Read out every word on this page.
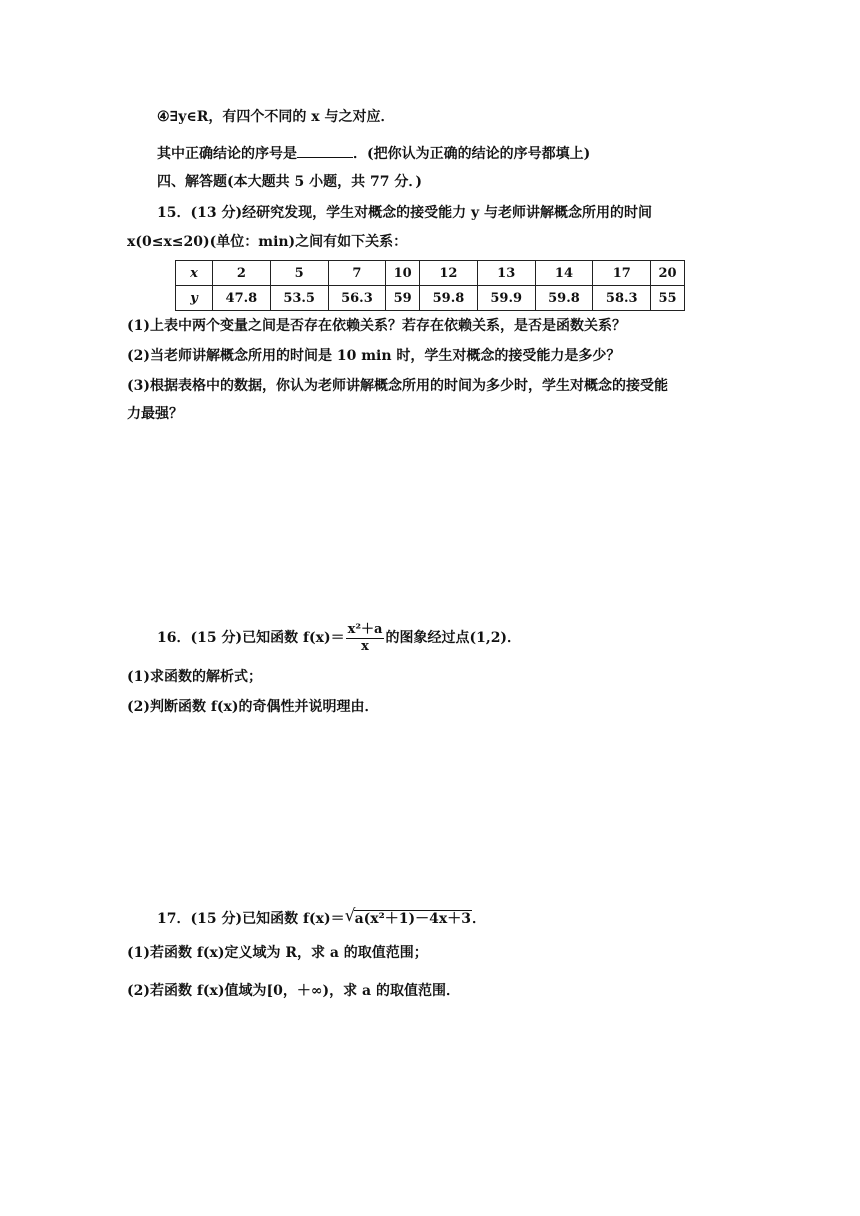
④∃y∈R，有四个不同的 x 与之对应．
其中正确结论的序号是	．(把你认为正确的结论的序号都填上)
四、解答题(本大题共 5 小题，共 77 分．)
15．(13 分)经研究发现，学生对概念的接受能力 y 与老师讲解概念所用的时间
x(0≤x≤20)(单位：min)之间有如下关系：
x	2	5	7	10	12	13	14	17	20
y	47.8	53.5	56.3	59	59.8	59.9	59.8	58.3	55
(1)上表中两个变量之间是否存在依赖关系？若存在依赖关系，是否是函数关系？
(2)当老师讲解概念所用的时间是 10 min 时，学生对概念的接受能力是多少？
(3)根据表格中的数据，你认为老师讲解概念所用的时间为多少时，学生对概念的接受能
力最强？
16．(15 分)已知函数 $f(x)= \frac{\text{x²＋a}}{x}$ 的图象经过点(1,2)．
(1)求函数的解析式；
(2)判断函数 f(x)的奇偶性并说明理由．
17．(15 分)已知函数 f(x)＝ √ a(x²＋1)－4x＋3．
(1)若函数 f(x)定义域为 R，求 a 的取值范围；
(2)若函数 f(x)值域为[0，＋∞)，求 a 的取值范围．
